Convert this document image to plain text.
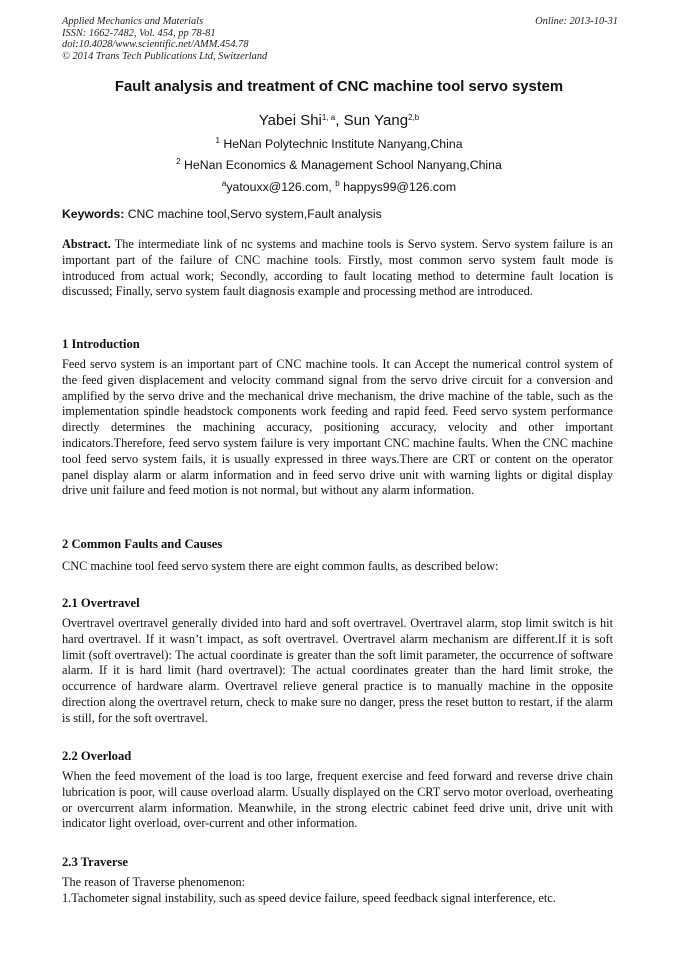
Applied Mechanics and Materials
ISSN: 1662-7482, Vol. 454, pp 78-81
doi:10.4028/www.scientific.net/AMM.454.78
© 2014 Trans Tech Publications Ltd, Switzerland
Online: 2013-10-31
Fault analysis and treatment of CNC machine tool servo system
Yabei Shi$^{1, a}$, Sun Yang$^{2,b}$
$^1$ HeNan Polytechnic Institute Nanyang,China
$^2$ HeNan Economics & Management School Nanyang,China
$^a$yatouxx@126.com, $^b$ happys99@126.com
Keywords: CNC machine tool,Servo system,Fault analysis
Abstract. The intermediate link of nc systems and machine tools is Servo system. Servo system failure is an important part of the failure of CNC machine tools. Firstly, most common servo system fault mode is introduced from actual work; Secondly, according to fault locating method to determine fault location is discussed; Finally, servo system fault diagnosis example and processing method are introduced.
1 Introduction
Feed servo system is an important part of CNC machine tools. It can Accept the numerical control system of the feed given displacement and velocity command signal from the servo drive circuit for a conversion and amplified by the servo drive and the mechanical drive mechanism, the drive machine of the table, such as the implementation spindle headstock components work feeding and rapid feed. Feed servo system performance directly determines the machining accuracy, positioning accuracy, velocity and other important indicators.Therefore, feed servo system failure is very important CNC machine faults. When the CNC machine tool feed servo system fails, it is usually expressed in three ways.There are CRT or content on the operator panel display alarm or alarm information and in feed servo drive unit with warning lights or digital display drive unit failure and feed motion is not normal, but without any alarm information.
2 Common Faults and Causes
CNC machine tool feed servo system there are eight common faults, as described below:
2.1 Overtravel
Overtravel overtravel generally divided into hard and soft overtravel. Overtravel alarm, stop limit switch is hit hard overtravel. If it wasn’t impact, as soft overtravel. Overtravel alarm mechanism are different.If it is soft limit (soft overtravel): The actual coordinate is greater than the soft limit parameter, the occurrence of software alarm. If it is hard limit (hard overtravel): The actual coordinates greater than the hard limit stroke, the occurrence of hardware alarm. Overtravel relieve general practice is to manually machine in the opposite direction along the overtravel return, check to make sure no danger, press the reset button to restart, if the alarm is still, for the soft overtravel.
2.2 Overload
When the feed movement of the load is too large, frequent exercise and feed forward and reverse drive chain lubrication is poor, will cause overload alarm. Usually displayed on the CRT servo motor overload, overheating or overcurrent alarm information. Meanwhile, in the strong electric cabinet feed drive unit, drive unit with indicator light overload, over-current and other information.
2.3 Traverse
The reason of Traverse phenomenon:
1.Tachometer signal instability, such as speed device failure, speed feedback signal interference, etc.
